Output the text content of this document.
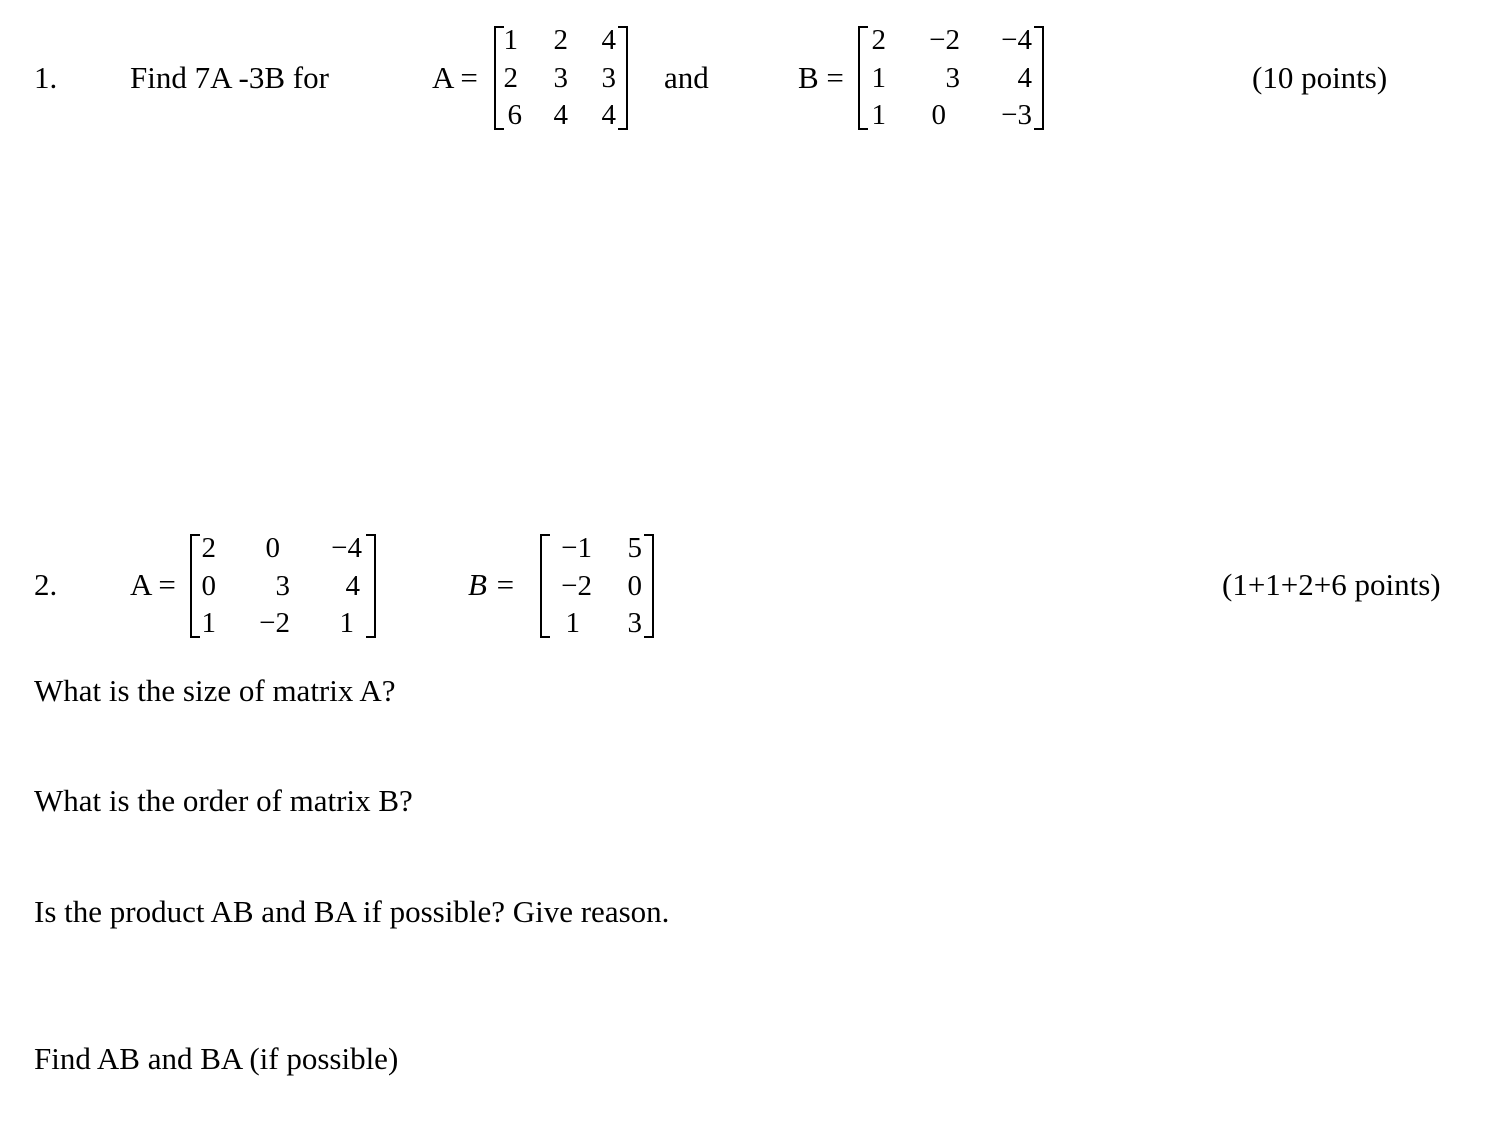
1. Find 7A -3B for	A =
1 2 4
2 3 3
6 4 4
and	B =
2	−2	−4
1	3	4
1	0	−3
(10 points)
2. A =
2	0	−4
0	3	4
1	−2	1
B =
−1	5
−2	0
1	3
(1+1+2+6 points)
What is the size of matrix A?
What is the order of matrix B?
Is the product AB and BA if possible? Give reason.
Find AB and BA (if possible)
